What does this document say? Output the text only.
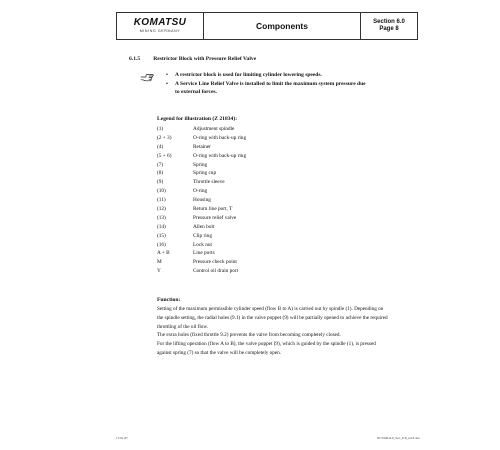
KOMATSU
MINING GERMANY	Components	Section 6.0
Page 8
6.1.5 Restrictor Block with Pressure Relief Valve
• A restrictor block is used for limiting cylinder lowering speeds.
• A Service Line Relief Valve is installed to limit the maximum system pressure due to external forces.
Legend for illustration (Z 21834):
(1)	Adjustment spindle
(2 + 3)	O-ring with back-up ring
(4)	Retainer
(5 + 6)	O-ring with back-up ring
(7)	Spring
(8)	Spring cup
(9)	Throttle sleeve
(10)	O-ring
(11)	Housing
(12)	Return line port, T
(13)	Pressure relief valve
(14)	Allen bolt
(15)	Clip ring
(16)	Lock nut
A + B	Line ports
M	Pressure check point
Y	Control oil drain port
Function:

Setting of the maximum permissible cylinder speed (flow B to A) is carried out by spindle (1). Depending on the spindle setting, the radial holes (9.1) in the valve poppet (9) will be partially opened to achieve the required throttling of the oil flow.

The extra holes (fixed throttle 9.2) prevents the valve from becoming completely closed.

For the lifting operation (flow A to B), the valve poppet (9), which is guided by the spindle (1), is pressed against spring (7) so that the valve will be completely open.

17.01.07	PC5500-6.0_Sec_6-8_rev3.doc
